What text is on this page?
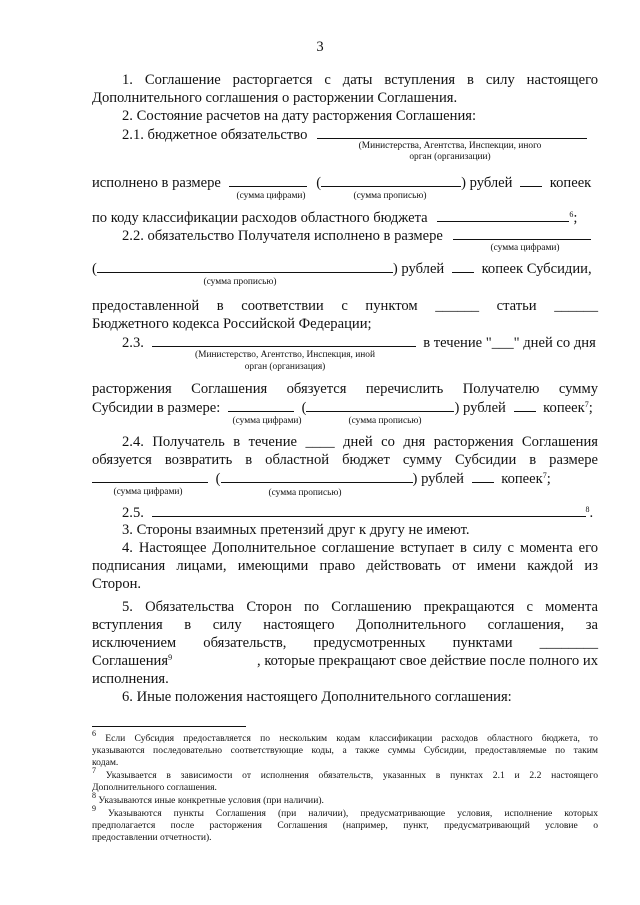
3
1. Соглашение расторгается с даты вступления в силу настоящего
Дополнительного соглашения о расторжении Соглашения.
2. Состояние расчетов на дату расторжения Соглашения:
2.1. бюджетное обязательство
(Министерства, Агентства, Инспекции, иного
орган (организации)
исполнено в размере	(	) рублей	копеек
(сумма цифрами)	(сумма прописью)
по коду классификации расходов областного бюджета	$^6$;
2.2. обязательство Получателя исполнено в размере
(сумма цифрами)
(	) рублей	копеек Субсидии,
(сумма прописью)
предоставленной в соответствии с пунктом ______ статьи ______
Бюджетного кодекса Российской Федерации;
2.3.	в течение "___" дней со дня
(Министерство, Агентство, Инспекция, иной
орган (организация)
расторжения Соглашения обязуется перечислить Получателю сумму
Субсидии в размере:	(	) рублей	копеек$^7$;
(сумма цифрами)	(сумма прописью)
2.4. Получатель в течение ____ дней со дня расторжения Соглашения
обязуется возвратить в областной бюджет сумму Субсидии в размере
(	) рублей	копеек$^7$;
(сумма цифрами)	(сумма прописью)
2.5.	$^8$.
3. Стороны взаимных претензий друг к другу не имеют.
4. Настоящее Дополнительное соглашение вступает в силу с момента его
подписания лицами, имеющими право действовать от имени каждой из
Сторон.
5. Обязательства Сторон по Соглашению прекращаются с момента
вступления в силу настоящего Дополнительного соглашения, за
исключением обязательств, предусмотренных пунктами ________
Соглашения$^9$	, которые прекращают свое действие после полного их
исполнения.
6. Иные положения настоящего Дополнительного соглашения:
$^6$ Если Субсидия предоставляется по нескольким кодам классификации расходов областного бюджета, то
указываются последовательно соответствующие коды, а также суммы Субсидии, предоставляемые по таким
кодам.
$^7$ Указывается в зависимости от исполнения обязательств, указанных в пунктах 2.1 и 2.2 настоящего
Дополнительного соглашения.
$^8$ Указываются иные конкретные условия (при наличии).
$^9$ Указываются пункты Соглашения (при наличии), предусматривающие условия, исполнение которых
предполагается после расторжения Соглашения (например, пункт, предусматривающий условие о
предоставлении отчетности).
